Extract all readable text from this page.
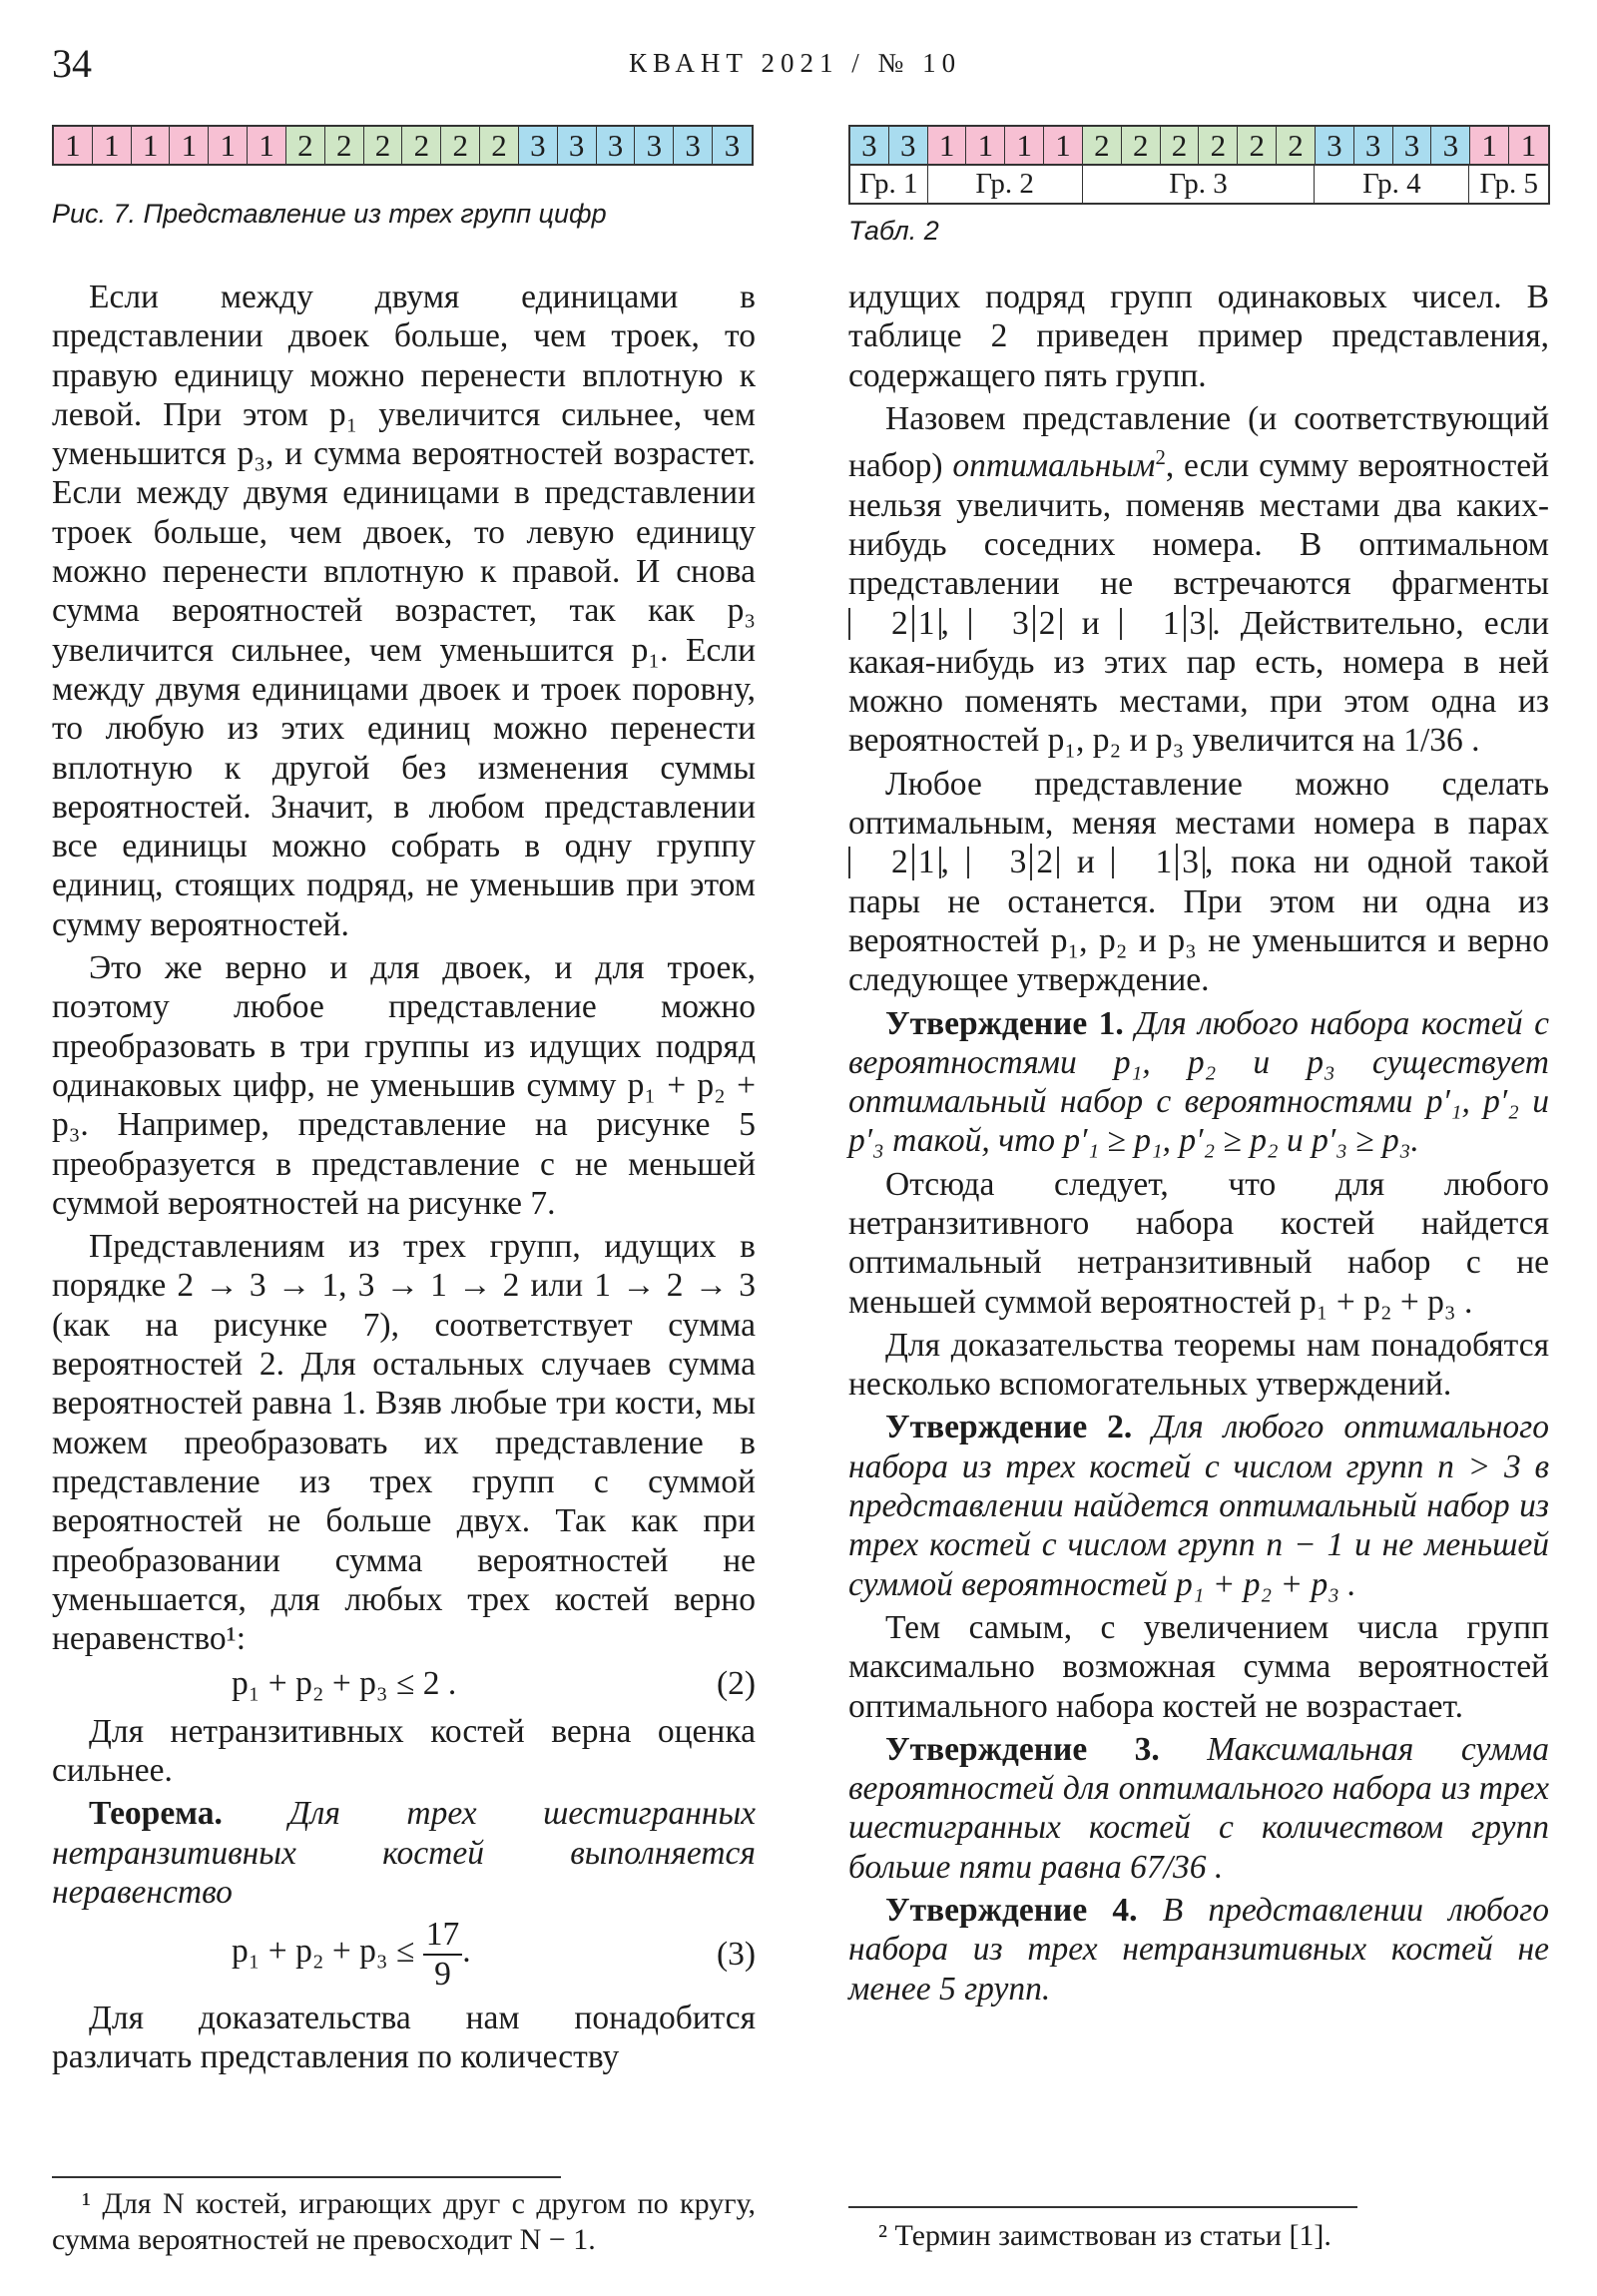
34	КВАНТ 2021 / № 10
1 1 1 1 1 1 2 2 2 2 2 2 3 3 3 3 3 3
Рис. 7. Представление из трех групп цифр
3 3 1 1 1 1 2 2 2 2 2 2 3 3 3 3 1 1
Гр. 1	Гр. 2	Гр. 3	Гр. 4	Гр. 5
Табл. 2

Если между двумя единицами в представлении двоек больше, чем троек, то правую единицу можно перенести вплотную к левой. При этом p₁ увеличится сильнее, чем уменьшится p₃, и сумма вероятностей возрастет. Если между двумя единицами в представлении троек больше, чем двоек, то левую единицу можно перенести вплотную к правой. И снова сумма вероятностей возрастет, так как p₃ увеличится сильнее, чем уменьшится p₁. Если между двумя единицами двоек и троек поровну, то любую из этих единиц можно перенести вплотную к другой без изменения суммы вероятностей. Значит, в любом представлении все единицы можно собрать в одну группу единиц, стоящих подряд, не уменьшив при этом сумму вероятностей.

Это же верно и для двоек, и для троек, поэтому любое представление можно преобразовать в три группы из идущих подряд одинаковых цифр, не уменьшив сумму p₁ + p₂ + p₃. Например, представление на рисунке 5 преобразуется в представление с не меньшей суммой вероятностей на рисунке 7.

Представлениям из трех групп, идущих в порядке 2 → 3 → 1, 3 → 1 → 2 или 1 → 2 → 3 (как на рисунке 7), соответствует сумма вероятностей 2. Для остальных случаев сумма вероятностей равна 1. Взяв любые три кости, мы можем преобразовать их представление в представление из трех групп с суммой вероятностей не больше двух. Так как при преобразовании сумма вероятностей не уменьшается, для любых трех костей верно неравенство¹:

p₁ + p₂ + p₃ ≤ 2 .	(2)

Для нетранзитивных костей верна оценка сильнее.

Теорема. Для трех шестигранных нетранзитивных костей выполняется неравенство

$p_1 + p_2 + p_3 \le \frac{17}{9}$ .	(3)

Для доказательства нам понадобится различать представления по количеству

идущих подряд групп одинаковых чисел. В таблице 2 приведен пример представления, содержащего пять групп.

Назовем представление (и соответствующий набор) оптимальным$^2$, если сумму вероятностей нельзя увеличить, поменяв местами два каких-нибудь соседних номера. В оптимальном представлении не встречаются фрагменты 2 1 , 3 2 и 1 3 . Действительно, если какая-нибудь из этих пар есть, номера в ней можно поменять местами, при этом одна из вероятностей p₁, p₂ и p₃ увеличится на 1/36 .

Любое представление можно сделать оптимальным, меняя местами номера в парах 2 1 , 3 2 и 1 3 , пока ни одной такой пары не останется. При этом ни одна из вероятностей p₁, p₂ и p₃ не уменьшится и верно следующее утверждение.

Утверждение 1. Для любого набора костей с вероятностями p₁, p₂ и p₃ существует оптимальный набор с вероятностями p′₁, p′₂ и p′₃ такой, что p′₁ ≥ p₁, p′₂ ≥ p₂ и p′₃ ≥ p₃.

Отсюда следует, что для любого нетранзитивного набора костей найдется оптимальный нетранзитивный набор с не меньшей суммой вероятностей p₁ + p₂ + p₃ .

Для доказательства теоремы нам понадобятся несколько вспомогательных утверждений.

Утверждение 2. Для любого оптимального набора из трех костей с числом групп n > 3 в представлении найдется оптимальный набор из трех костей с числом групп n − 1 и не меньшей суммой вероятностей p₁ + p₂ + p₃ .

Тем самым, с увеличением числа групп максимально возможная сумма вероятностей оптимального набора костей не возрастает.

Утверждение 3. Максимальная сумма вероятностей для оптимального набора из трех шестигранных костей с количеством групп больше пяти равна 67/36 .

Утверждение 4. В представлении любого набора из трех нетранзитивных костей не менее 5 групп.

¹ Для N костей, играющих друг с другом по кругу, сумма вероятностей не превосходит N − 1.	² Термин заимствован из статьи [1].
